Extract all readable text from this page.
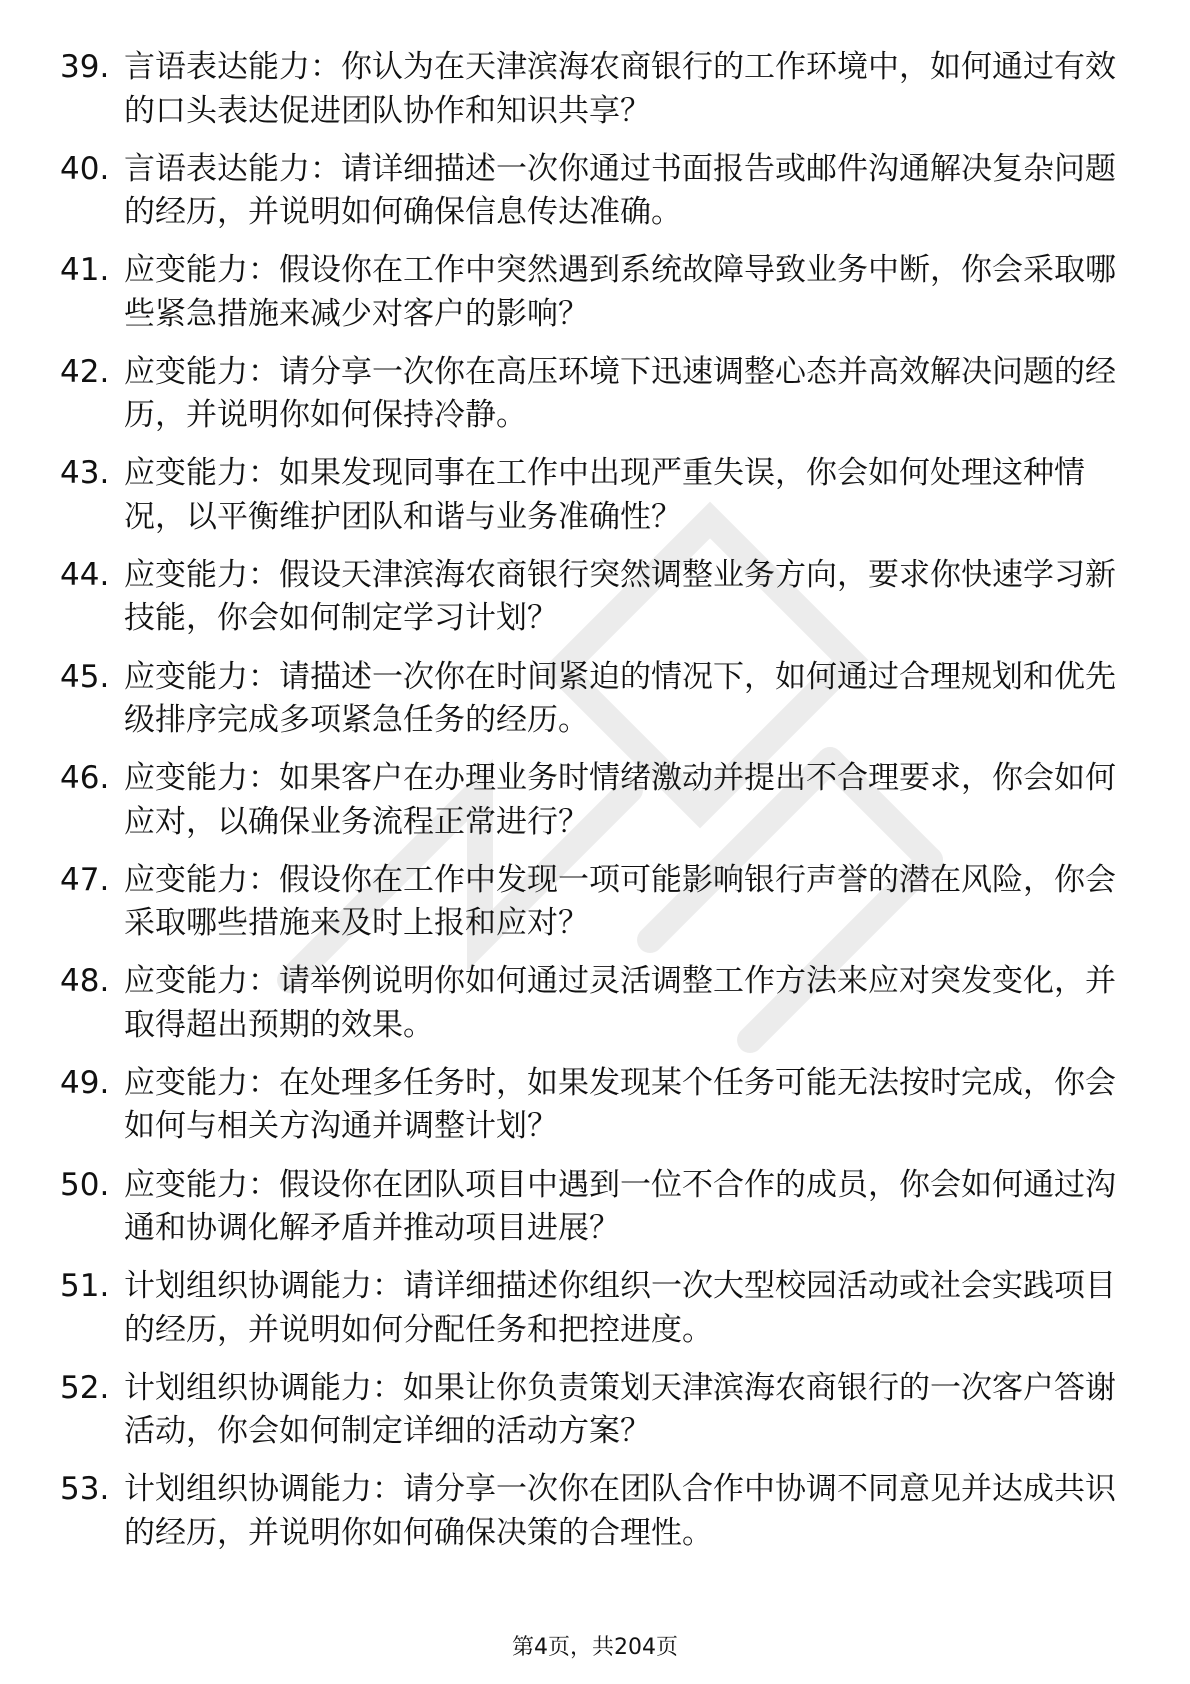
39. 言语表达能力：你认为在天津滨海农商银行的工作环境中，如何通过有效的口头表达促进团队协作和知识共享？
40. 言语表达能力：请详细描述一次你通过书面报告或邮件沟通解决复杂问题的经历，并说明如何确保信息传达准确。
41. 应变能力：假设你在工作中突然遇到系统故障导致业务中断，你会采取哪些紧急措施来减少对客户的影响？
42. 应变能力：请分享一次你在高压环境下迅速调整心态并高效解决问题的经历，并说明你如何保持冷静。
43. 应变能力：如果发现同事在工作中出现严重失误，你会如何处理这种情况，以平衡维护团队和谐与业务准确性？
44. 应变能力：假设天津滨海农商银行突然调整业务方向，要求你快速学习新技能，你会如何制定学习计划？
45. 应变能力：请描述一次你在时间紧迫的情况下，如何通过合理规划和优先级排序完成多项紧急任务的经历。
46. 应变能力：如果客户在办理业务时情绪激动并提出不合理要求，你会如何应对，以确保业务流程正常进行？
47. 应变能力：假设你在工作中发现一项可能影响银行声誉的潜在风险，你会采取哪些措施来及时上报和应对？
48. 应变能力：请举例说明你如何通过灵活调整工作方法来应对突发变化，并取得超出预期的效果。
49. 应变能力：在处理多任务时，如果发现某个任务可能无法按时完成，你会如何与相关方沟通并调整计划？
50. 应变能力：假设你在团队项目中遇到一位不合作的成员，你会如何通过沟通和协调化解矛盾并推动项目进展？
51. 计划组织协调能力：请详细描述你组织一次大型校园活动或社会实践项目的经历，并说明如何分配任务和把控进度。
52. 计划组织协调能力：如果让你负责策划天津滨海农商银行的一次客户答谢活动，你会如何制定详细的活动方案？
53. 计划组织协调能力：请分享一次你在团队合作中协调不同意见并达成共识的经历，并说明你如何确保决策的合理性。
第4页，共204页
